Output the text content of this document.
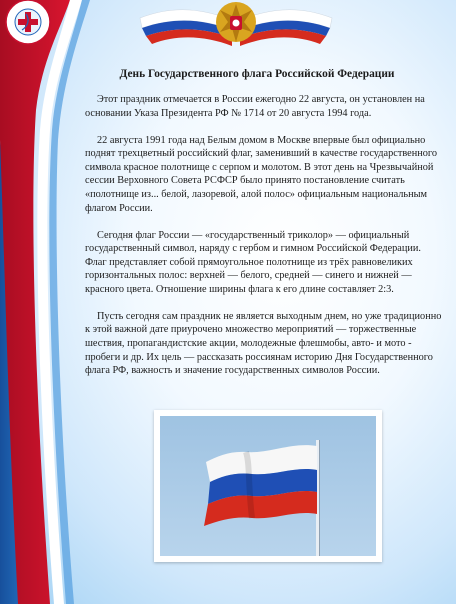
День Государственного флага Российской Федерации

Этот праздник отмечается в России ежегодно 22 августа, он установлен на основании Указа Президента РФ № 1714 от 20 августа 1994 года.

22 августа 1991 года над Белым домом в Москве впервые был официально поднят трехцветный российский флаг, заменивший в качестве государственного символа красное полотнище с серпом и молотом. В этот день на Чрезвычайной сессии Верховного Совета РСФСР было принято постановление считать «полотнище из... белой, лазоревой, алой полос» официальным национальным флагом России.

Сегодня флаг России — «государственный триколор» — официальный государственный символ, наряду с гербом и гимном Российской Федерации. Флаг представляет собой прямоугольное полотнище из трёх равновеликих горизонтальных полос: верхней — белого, средней — синего и нижней — красного цвета. Отношение ширины флага к его длине составляет 2:3.

Пусть сегодня сам праздник не является выходным днем, но уже традиционно к этой важной дате приурочено множество мероприятий — торжественные шествия, пропагандистские акции, молодежные флешмобы, авто- и мото - пробеги и др. Их цель — рассказать россиянам историю Дня Государственного флага РФ, важность и значение государственных символов России.
